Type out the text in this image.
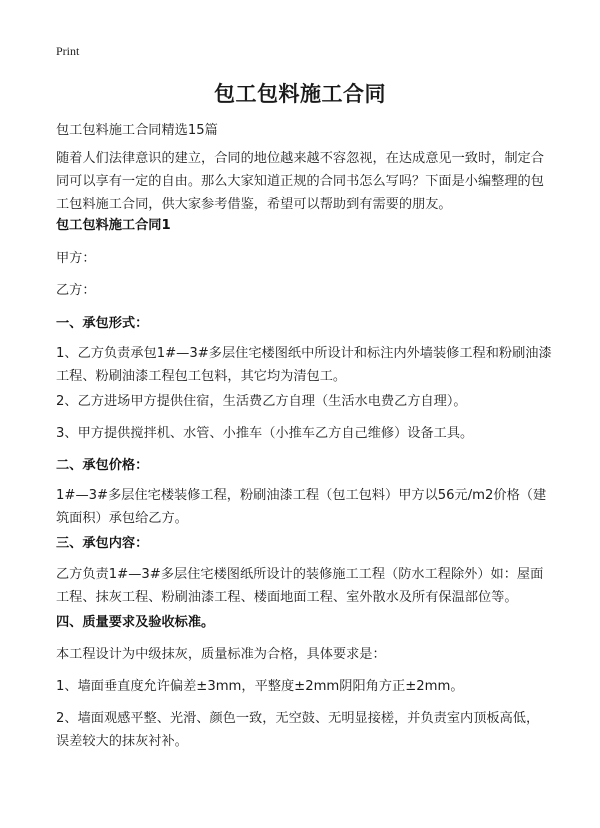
Print
包工包料施工合同

包工包料施工合同精选15篇

随着人们法律意识的建立，合同的地位越来越不容忽视，在达成意见一致时，制定合同可以享有一定的自由。那么大家知道正规的合同书怎么写吗？下面是小编整理的包工包料施工合同，供大家参考借鉴，希望可以帮助到有需要的朋友。

包工包料施工合同1

甲方：

乙方：

一、承包形式：

1、乙方负责承包1#—3#多层住宅楼图纸中所设计和标注内外墙装修工程和粉刷油漆工程、粉刷油漆工程包工包料，其它均为清包工。

2、乙方进场甲方提供住宿，生活费乙方自理（生活水电费乙方自理）。

3、甲方提供搅拌机、水管、小推车（小推车乙方自己维修）设备工具。

二、承包价格：

1#—3#多层住宅楼装修工程，粉刷油漆工程（包工包料）甲方以56元/m2价格（建筑面积）承包给乙方。

三、承包内容：

乙方负责1#—3#多层住宅楼图纸所设计的装修施工工程（防水工程除外）如：屋面工程、抹灰工程、粉刷油漆工程、楼面地面工程、室外散水及所有保温部位等。

四、质量要求及验收标准。

本工程设计为中级抹灰，质量标准为合格，具体要求是：

1、墙面垂直度允许偏差±3mm，平整度±2mm阴阳角方正±2mm。

2、墙面观感平整、光滑、颜色一致，无空鼓、无明显接槎，并负责室内顶板高低，误差较大的抹灰衬补。
